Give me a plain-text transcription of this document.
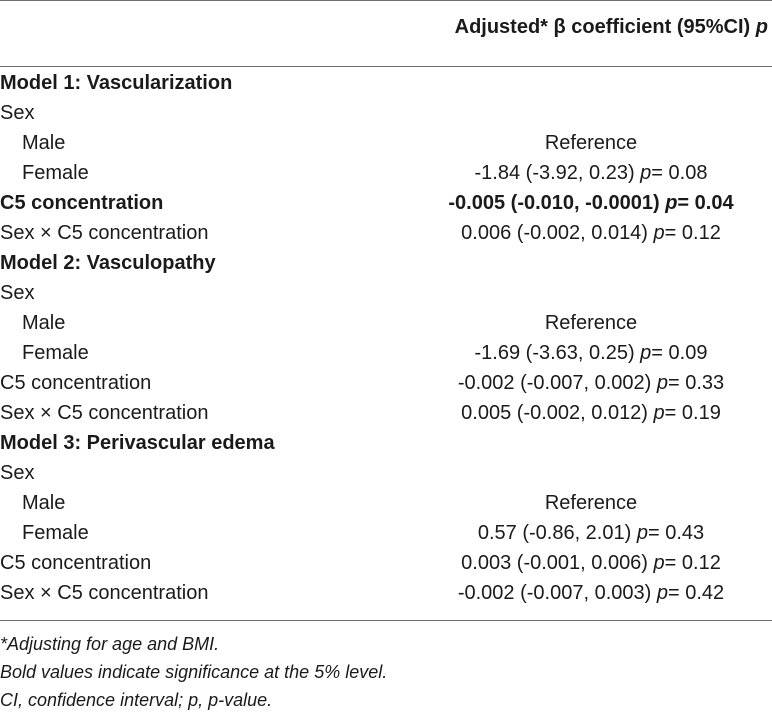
Adjusted* β coefficient (95%CI) p
Model 1: Vascularization
Sex
Male	Reference
Female	-1.84 (-3.92, 0.23) p= 0.08
C5 concentration	-0.005 (-0.010, -0.0001) p= 0.04
Sex × C5 concentration	0.006 (-0.002, 0.014) p= 0.12
Model 2: Vasculopathy
Sex
Male	Reference
Female	-1.69 (-3.63, 0.25) p= 0.09
C5 concentration	-0.002 (-0.007, 0.002) p= 0.33
Sex × C5 concentration	0.005 (-0.002, 0.012) p= 0.19
Model 3: Perivascular edema
Sex
Male	Reference
Female	0.57 (-0.86, 2.01) p= 0.43
C5 concentration	0.003 (-0.001, 0.006) p= 0.12
Sex × C5 concentration	-0.002 (-0.007, 0.003) p= 0.42
*Adjusting for age and BMI.
Bold values indicate significance at the 5% level.
CI, confidence interval; p, p-value.
